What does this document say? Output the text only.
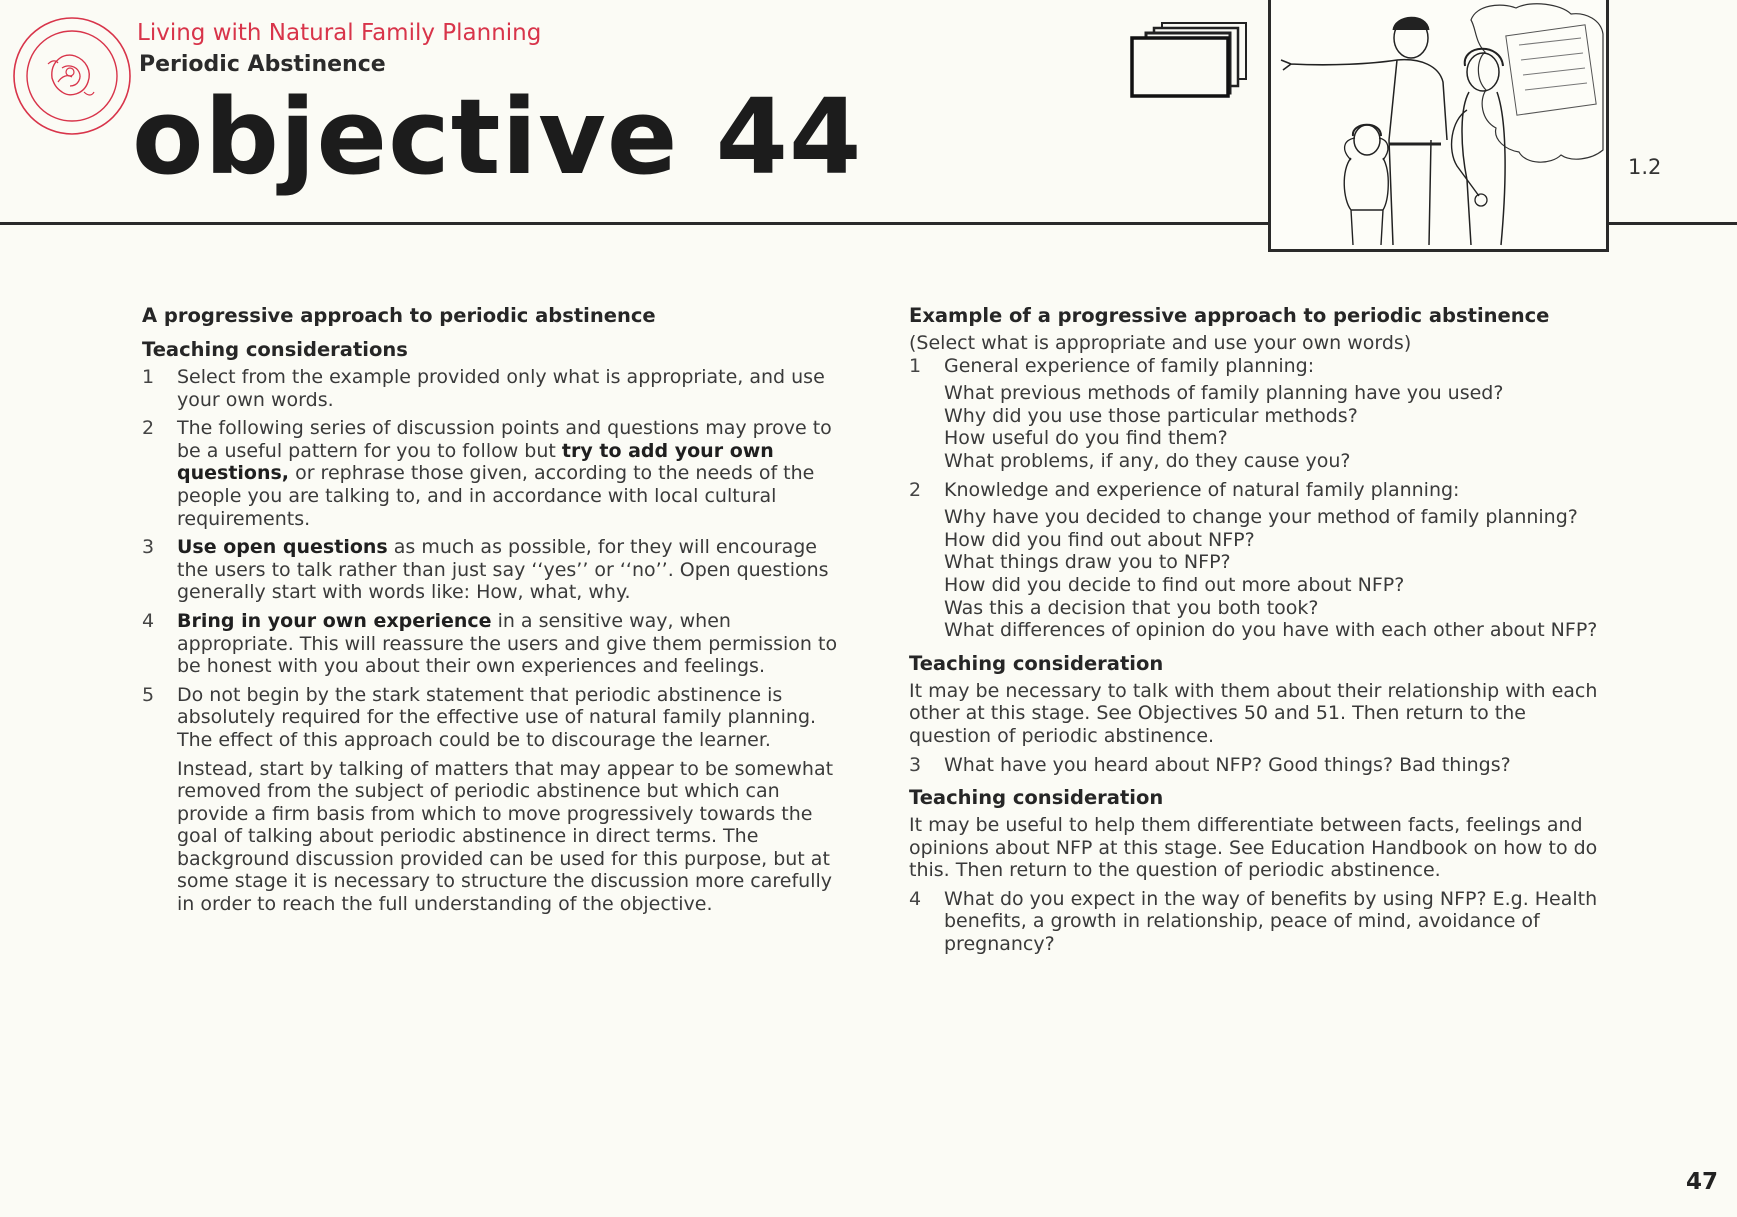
Living with Natural Family Planning

Periodic Abstinence

objective 44	1.2

A progressive approach to periodic abstinence
Teaching considerations
1	Select from the example provided only what is appropriate, and use your own words.

2	The following series of discussion points and questions may prove to be a useful pattern for you to follow but try to add your own questions, or rephrase those given, according to the needs of the people you are talking to, and in accordance with local cultural requirements.

3	Use open questions as much as possible, for they will encourage the users to talk rather than just say ‘‘yes’’ or ‘‘no’’. Open questions generally start with words like: How, what, why.

4	Bring in your own experience in a sensitive way, when appropriate. This will reassure the users and give them permission to be honest with you about their own experiences and feelings.

5	Do not begin by the stark statement that periodic abstinence is absolutely required for the effective use of natural family planning. The effect of this approach could be to discourage the learner.

Instead, start by talking of matters that may appear to be somewhat removed from the subject of periodic abstinence but which can provide a firm basis from which to move progressively towards the goal of talking about periodic abstinence in direct terms. The background discussion provided can be used for this purpose, but at some stage it is necessary to structure the discussion more carefully in order to reach the full understanding of the objective.

Example of a progressive approach to periodic abstinence

(Select what is appropriate and use your own words)

1	General experience of family planning:

What previous methods of family planning have you used?
Why did you use those particular methods?
How useful do you find them?
What problems, if any, do they cause you?
2	Knowledge and experience of natural family planning:

Why have you decided to change your method of family planning?
How did you find out about NFP?
What things draw you to NFP?
How did you decide to find out more about NFP?
Was this a decision that you both took?
What differences of opinion do you have with each other about NFP?
Teaching consideration

It may be necessary to talk with them about their relationship with each other at this stage. See Objectives 50 and 51. Then return to the question of periodic abstinence.

3	What have you heard about NFP? Good things? Bad things?

Teaching consideration

It may be useful to help them differentiate between facts, feelings and opinions about NFP at this stage. See Education Handbook on how to do this. Then return to the question of periodic abstinence.

4	What do you expect in the way of benefits by using NFP? E.g. Health benefits, a growth in relationship, peace of mind, avoidance of pregnancy?

47
